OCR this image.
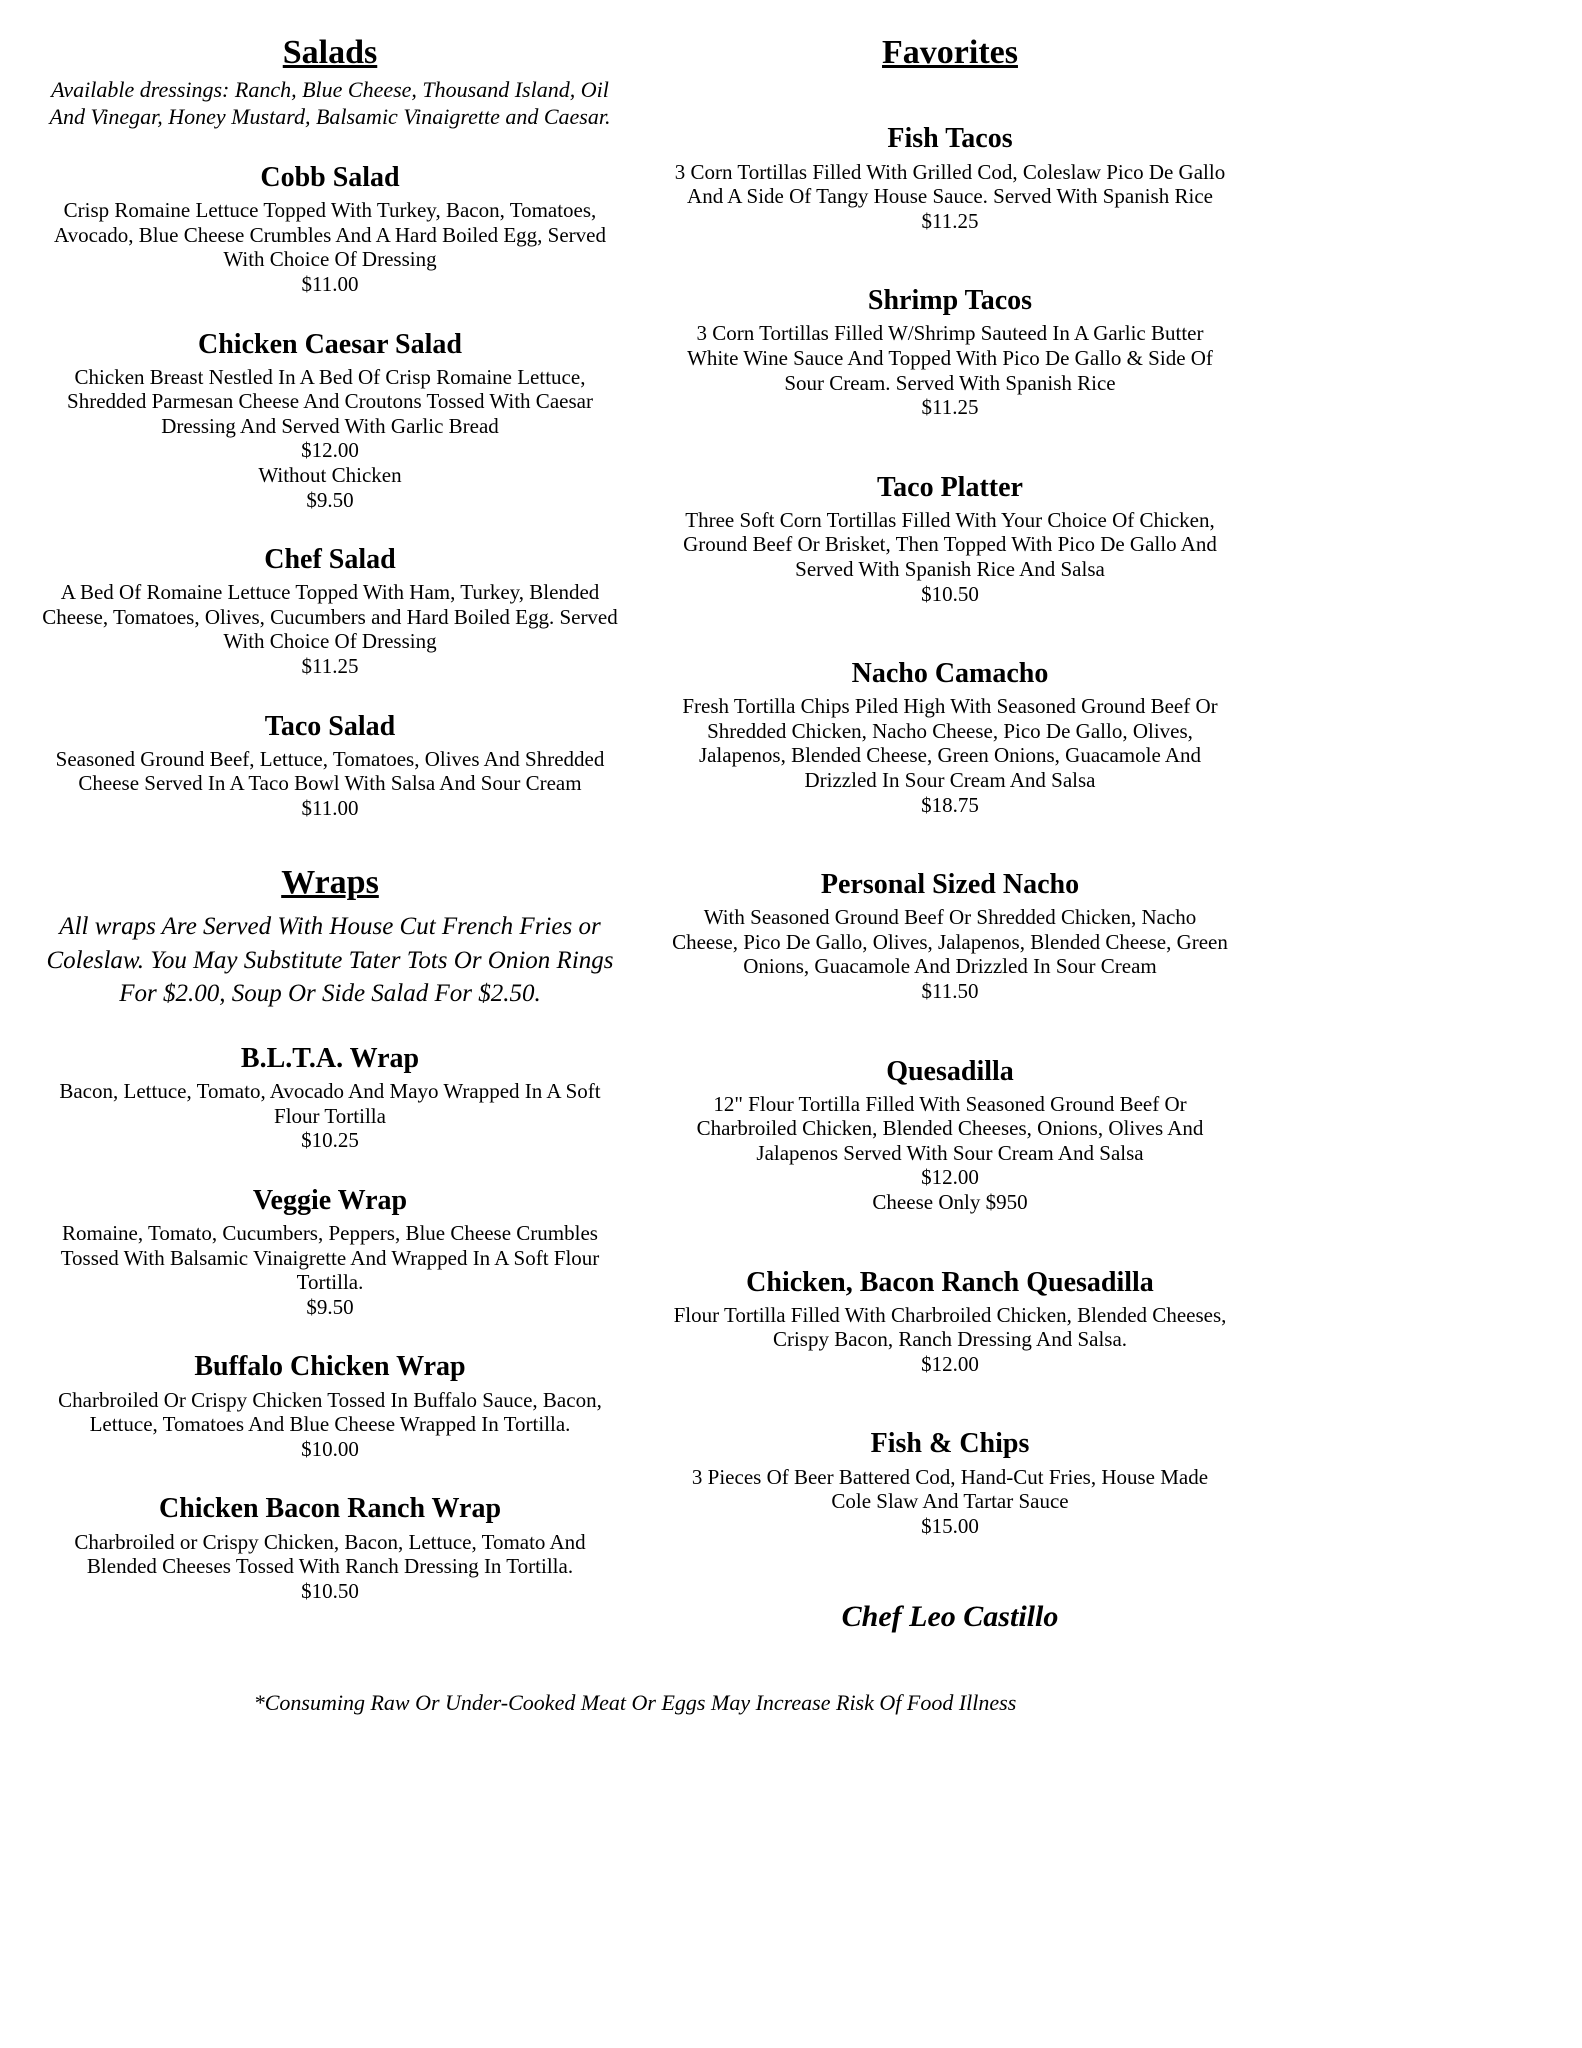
Salads
Available dressings: Ranch, Blue Cheese, Thousand Island, Oil And Vinegar, Honey Mustard, Balsamic Vinaigrette and Caesar.
Cobb Salad
Crisp Romaine Lettuce Topped With Turkey, Bacon, Tomatoes, Avocado, Blue Cheese Crumbles And A Hard Boiled Egg, Served With Choice Of Dressing
$11.00
Chicken Caesar Salad
Chicken Breast Nestled In A Bed Of Crisp Romaine Lettuce, Shredded Parmesan Cheese And Croutons Tossed With Caesar Dressing And Served With Garlic Bread
$12.00
Without Chicken
$9.50
Chef Salad
A Bed Of Romaine Lettuce Topped With Ham, Turkey, Blended Cheese, Tomatoes, Olives, Cucumbers and Hard Boiled Egg. Served With Choice Of Dressing
$11.25
Taco Salad
Seasoned Ground Beef, Lettuce, Tomatoes, Olives And Shredded Cheese Served In A Taco Bowl With Salsa And Sour Cream
$11.00
Wraps
All wraps Are Served With House Cut French Fries or Coleslaw. You May Substitute Tater Tots Or Onion Rings For $2.00, Soup Or Side Salad For $2.50.
B.L.T.A. Wrap
Bacon, Lettuce, Tomato, Avocado And Mayo Wrapped In A Soft Flour Tortilla
$10.25
Veggie Wrap
Romaine, Tomato, Cucumbers, Peppers, Blue Cheese Crumbles Tossed With Balsamic Vinaigrette And Wrapped In A Soft Flour Tortilla.
$9.50
Buffalo Chicken Wrap
Charbroiled Or Crispy Chicken Tossed In Buffalo Sauce, Bacon, Lettuce, Tomatoes And Blue Cheese Wrapped In Tortilla.
$10.00
Chicken Bacon Ranch Wrap
Charbroiled or Crispy Chicken, Bacon, Lettuce, Tomato And Blended Cheeses Tossed With Ranch Dressing In Tortilla.
$10.50
Favorites
Fish Tacos
3 Corn Tortillas Filled With Grilled Cod, Coleslaw Pico De Gallo And A Side Of Tangy House Sauce. Served With Spanish Rice
$11.25
Shrimp Tacos
3 Corn Tortillas Filled W/Shrimp Sauteed In A Garlic Butter White Wine Sauce And Topped With Pico De Gallo & Side Of Sour Cream. Served With Spanish Rice
$11.25
Taco Platter
Three Soft Corn Tortillas Filled With Your Choice Of Chicken, Ground Beef Or Brisket, Then Topped With Pico De Gallo And Served With Spanish Rice And Salsa
$10.50
Nacho Camacho
Fresh Tortilla Chips Piled High With Seasoned Ground Beef Or Shredded Chicken, Nacho Cheese, Pico De Gallo, Olives, Jalapenos, Blended Cheese, Green Onions, Guacamole And Drizzled In Sour Cream And Salsa
$18.75
Personal Sized Nacho
With Seasoned Ground Beef Or Shredded Chicken, Nacho Cheese, Pico De Gallo, Olives, Jalapenos, Blended Cheese, Green Onions, Guacamole And Drizzled In Sour Cream
$11.50
Quesadilla
12" Flour Tortilla Filled With Seasoned Ground Beef Or Charbroiled Chicken, Blended Cheeses, Onions, Olives And Jalapenos Served With Sour Cream And Salsa
$12.00
Cheese Only $950
Chicken, Bacon Ranch Quesadilla
Flour Tortilla Filled With Charbroiled Chicken, Blended Cheeses, Crispy Bacon, Ranch Dressing And Salsa.
$12.00
Fish & Chips
3 Pieces Of Beer Battered Cod, Hand-Cut Fries, House Made Cole Slaw And Tartar Sauce
$15.00
Chef Leo Castillo
*Consuming Raw Or Under-Cooked Meat Or Eggs May Increase Risk Of Food Illness
